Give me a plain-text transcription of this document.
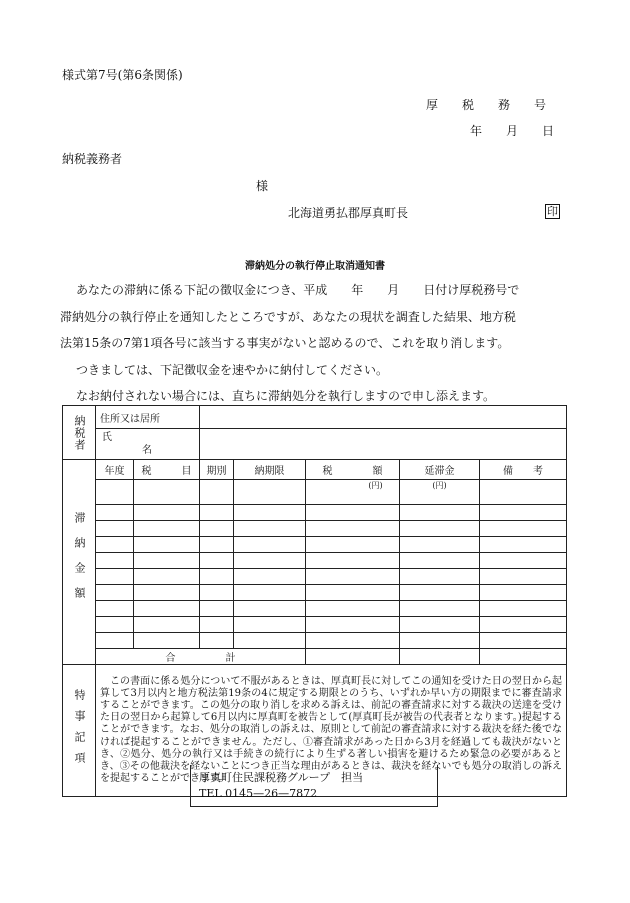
様式第7号(第6条関係)
厚　　税　　務　　号
年　　月　　日
納税義務者
様
北海道勇払郡厚真町長	印
滞納処分の執行停止取消通知書
あなたの滞納に係る下記の徴収金につき、平成　　年　　月　　日付け厚税務号で
滞納処分の執行停止を通知したところですが、あなたの現状を調査した結果、地方税
法第15条の7第1項各号に該当する事実がないと認めるので、これを取り消します。
つきましては、下記徴収金を速やかに納付してください。
なお納付されない場合には、直ちに滞納処分を執行しますので申し添えます。
納税者	住所又は居所						

	氏
名						

滞納金額	年度	税　　　目	期別	納期限	税　　　　額	延滞金	備　　考

					(円)	(円)	

	合　　　　　計						

特事記項	この書面に係る処分について不服があるときは、厚真町長に対してこの通知を受けた日の翌日から起算して3月以内と地方税法第19条の4に規定する期限とのうち、いずれか早い方の期限までに審査請求することができます。この処分の取り消しを求める訴えは、前記の審査請求に対する裁決の送達を受けた日の翌日から起算して6月以内に厚真町を被告として(厚真町長が被告の代表者となります。)提起することができます。なお、処分の取消しの訴えは、原則として前記の審査請求に対する裁決を経た後でなければ提起することができません。ただし、①審査請求があった日から3月を経過しても裁決がないとき、②処分、処分の執行又は手続きの続行により生ずる著しい損害を避けるため緊急の必要があるとき、③その他裁決を経ないことにつき正当な理由があるときは、裁決を経ないでも処分の取消しの訴えを提起することができます。						
厚真町住民課税務グループ　担当
TEL 0145—26—7872
